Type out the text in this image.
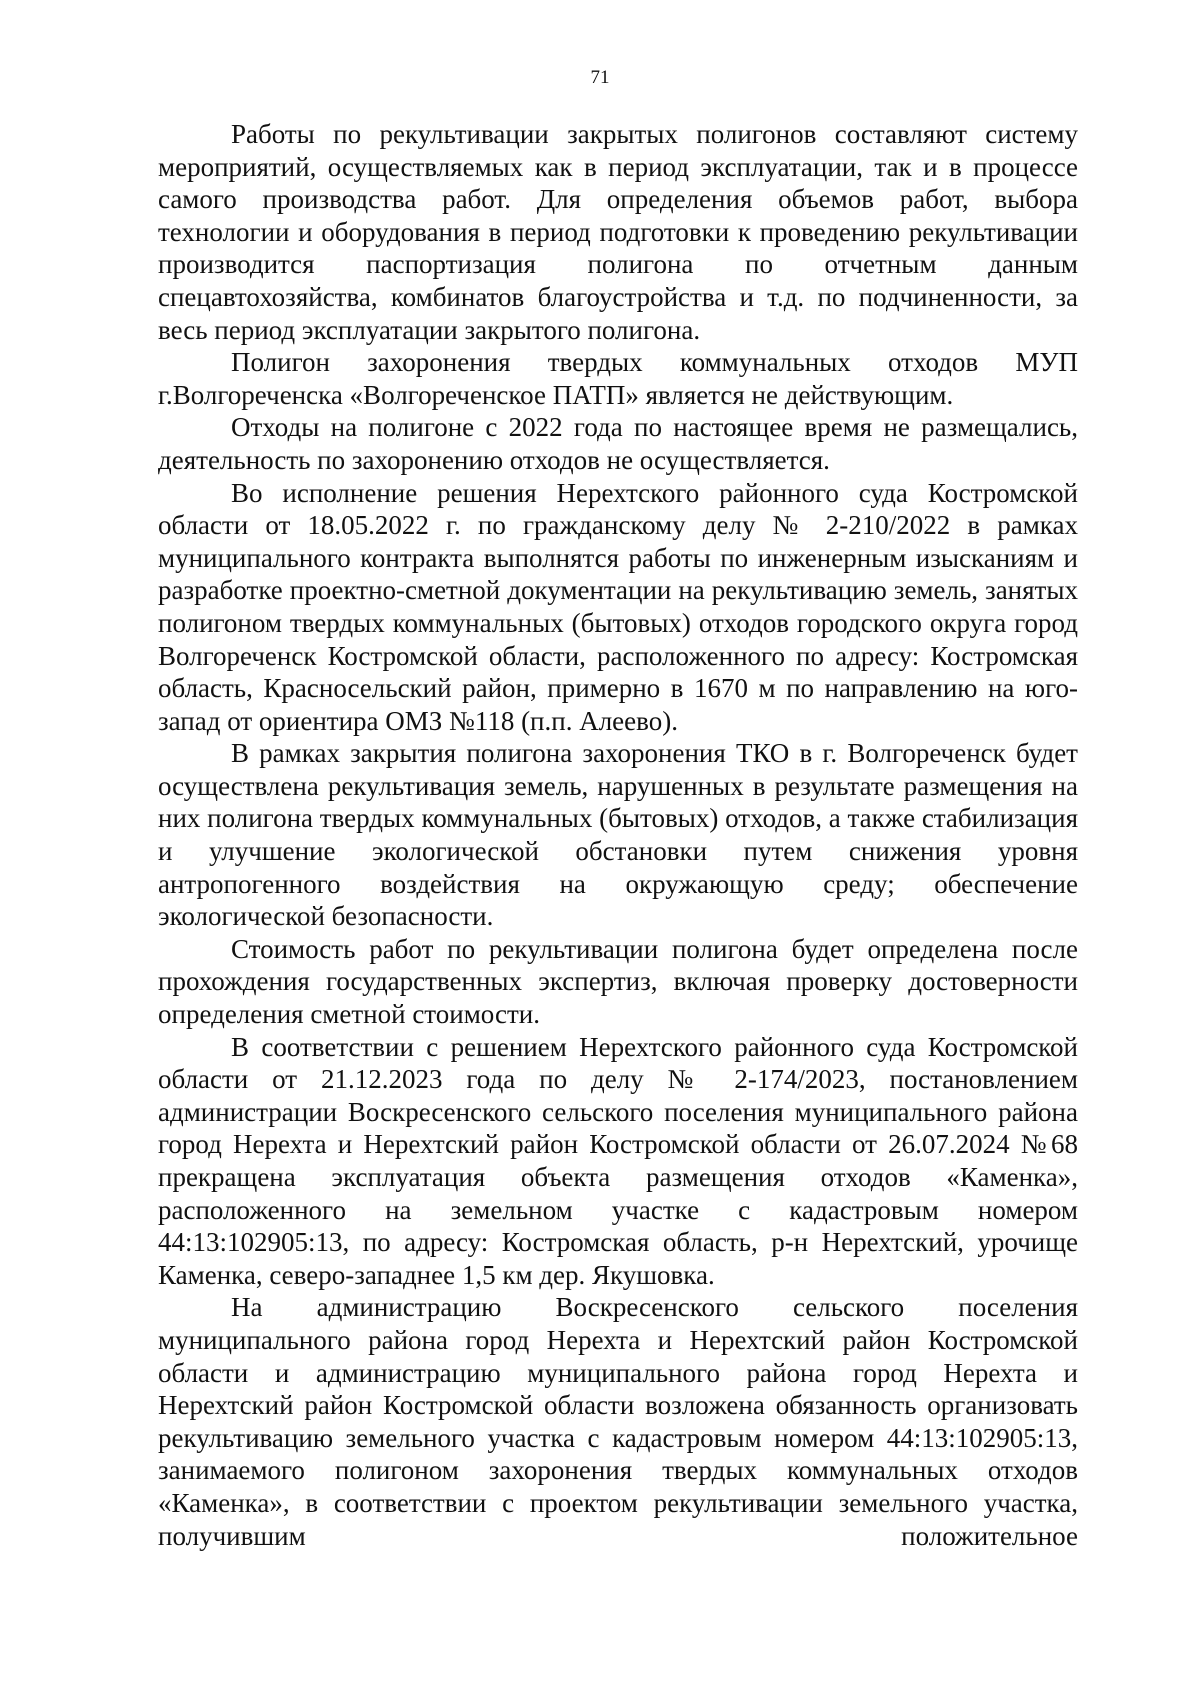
71

Работы по рекультивации закрытых полигонов составляют систему мероприятий, осуществляемых как в период эксплуатации, так и в процессе самого производства работ. Для определения объемов работ, выбора технологии и оборудования в период подготовки к проведению рекультивации производится паспортизация полигона по отчетным данным спецавтохозяйства, комбинатов благоустройства и т.д. по подчиненности, за весь период эксплуатации закрытого полигона.

Полигон захоронения твердых коммунальных отходов МУП г.Волгореченска «Волгореченское ПАТП» является не действующим.

Отходы на полигоне с 2022 года по настоящее время не размещались, деятельность по захоронению отходов не осуществляется.

Во исполнение решения Нерехтского районного суда Костромской области от 18.05.2022 г. по гражданскому делу № 2-210/2022 в рамках муниципального контракта выполнятся работы по инженерным изысканиям и разработке проектно-сметной документации на рекультивацию земель, занятых полигоном твердых коммунальных (бытовых) отходов городского округа город Волгореченск Костромской области, расположенного по адресу: Костромская область, Красносельский район, примерно в 1670 м по направлению на юго-запад от ориентира ОМЗ №118 (п.п. Алеево).

В рамках закрытия полигона захоронения ТКО в г. Волгореченск будет осуществлена рекультивация земель, нарушенных в результате размещения на них полигона твердых коммунальных (бытовых) отходов, а также стабилизация и улучшение экологической обстановки путем снижения уровня антропогенного воздействия на окружающую среду; обеспечение экологической безопасности.

Стоимость работ по рекультивации полигона будет определена после прохождения государственных экспертиз, включая проверку достоверности определения сметной стоимости.

В соответствии с решением Нерехтского районного суда Костромской области от 21.12.2023 года по делу № 2-174/2023, постановлением администрации Воскресенского сельского поселения муниципального района город Нерехта и Нерехтский район Костромской области от 26.07.2024 №68 прекращена эксплуатация объекта размещения отходов «Каменка», расположенного на земельном участке с кадастровым номером 44:13:102905:13, по адресу: Костромская область, р-н Нерехтский, урочище Каменка, северо-западнее 1,5 км дер. Якушовка.

На администрацию Воскресенского сельского поселения муниципального района город Нерехта и Нерехтский район Костромской области и администрацию муниципального района город Нерехта и Нерехтский район Костромской области возложена обязанность организовать рекультивацию земельного участка с кадастровым номером 44:13:102905:13, занимаемого полигоном захоронения твердых коммунальных отходов «Каменка», в соответствии с проектом рекультивации земельного участка, получившим положительное
